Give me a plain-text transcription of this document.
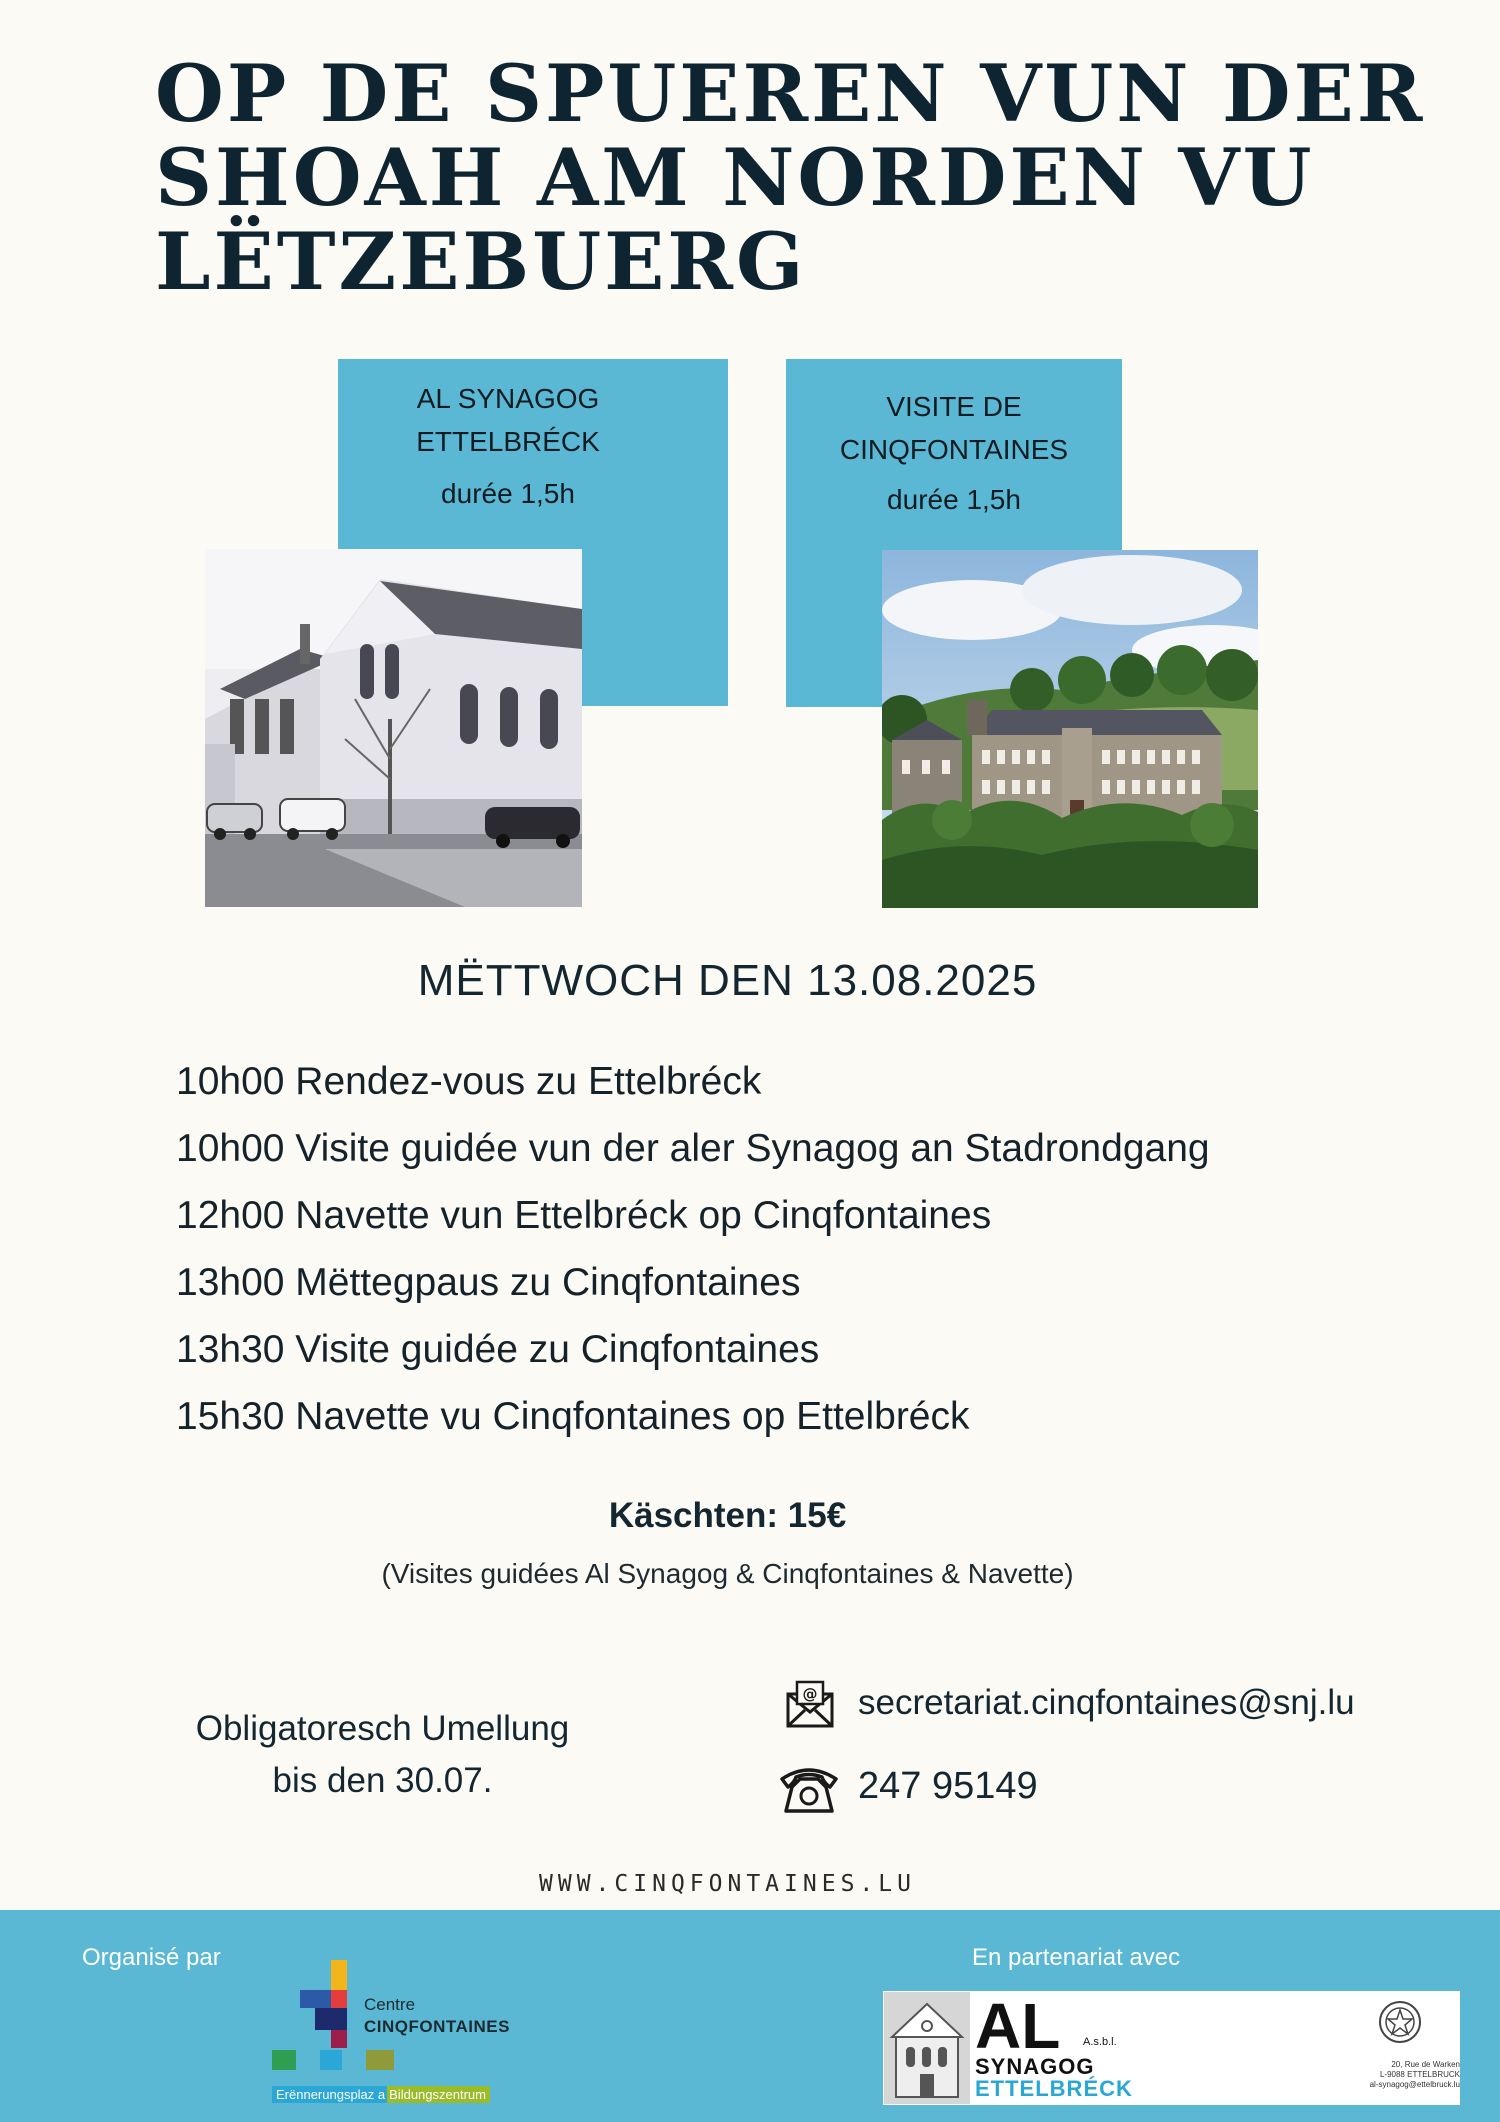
OP DE SPUEREN VUN DER
SHOAH AM NORDEN VU
LËTZEBUERG
AL SYNAGOG
ETTELBRÉCK
durée 1,5h
VISITE DE
CINQFONTAINES
durée 1,5h
MËTTWOCH DEN 13.08.2025
10h00 Rendez-vous zu Ettelbréck
10h00 Visite guidée vun der aler Synagog an Stadrondgang
12h00 Navette vun Ettelbréck op Cinqfontaines
13h00 Mëttegpaus zu Cinqfontaines
13h30 Visite guidée zu Cinqfontaines
15h30 Navette vu Cinqfontaines op Ettelbréck
Käschten: 15€
(Visites guidées Al Synagog & Cinqfontaines & Navette)
Obligatoresch Umellung
bis den 30.07.
@ secretariat.cinqfontaines@snj.lu
247 95149
WWW.CINQFONTAINES.LU
Organisé par	En partenariat avec
Centre
CINQFONTAINES
Erënnerungsplaz a Bildungszentrum
AL A.s.b.l.
SYNAGOG
ETTELBRÉCK
20, Rue de Warken
L-9088 ETTELBRUCK
al-synagog@ettelbruck.lu
